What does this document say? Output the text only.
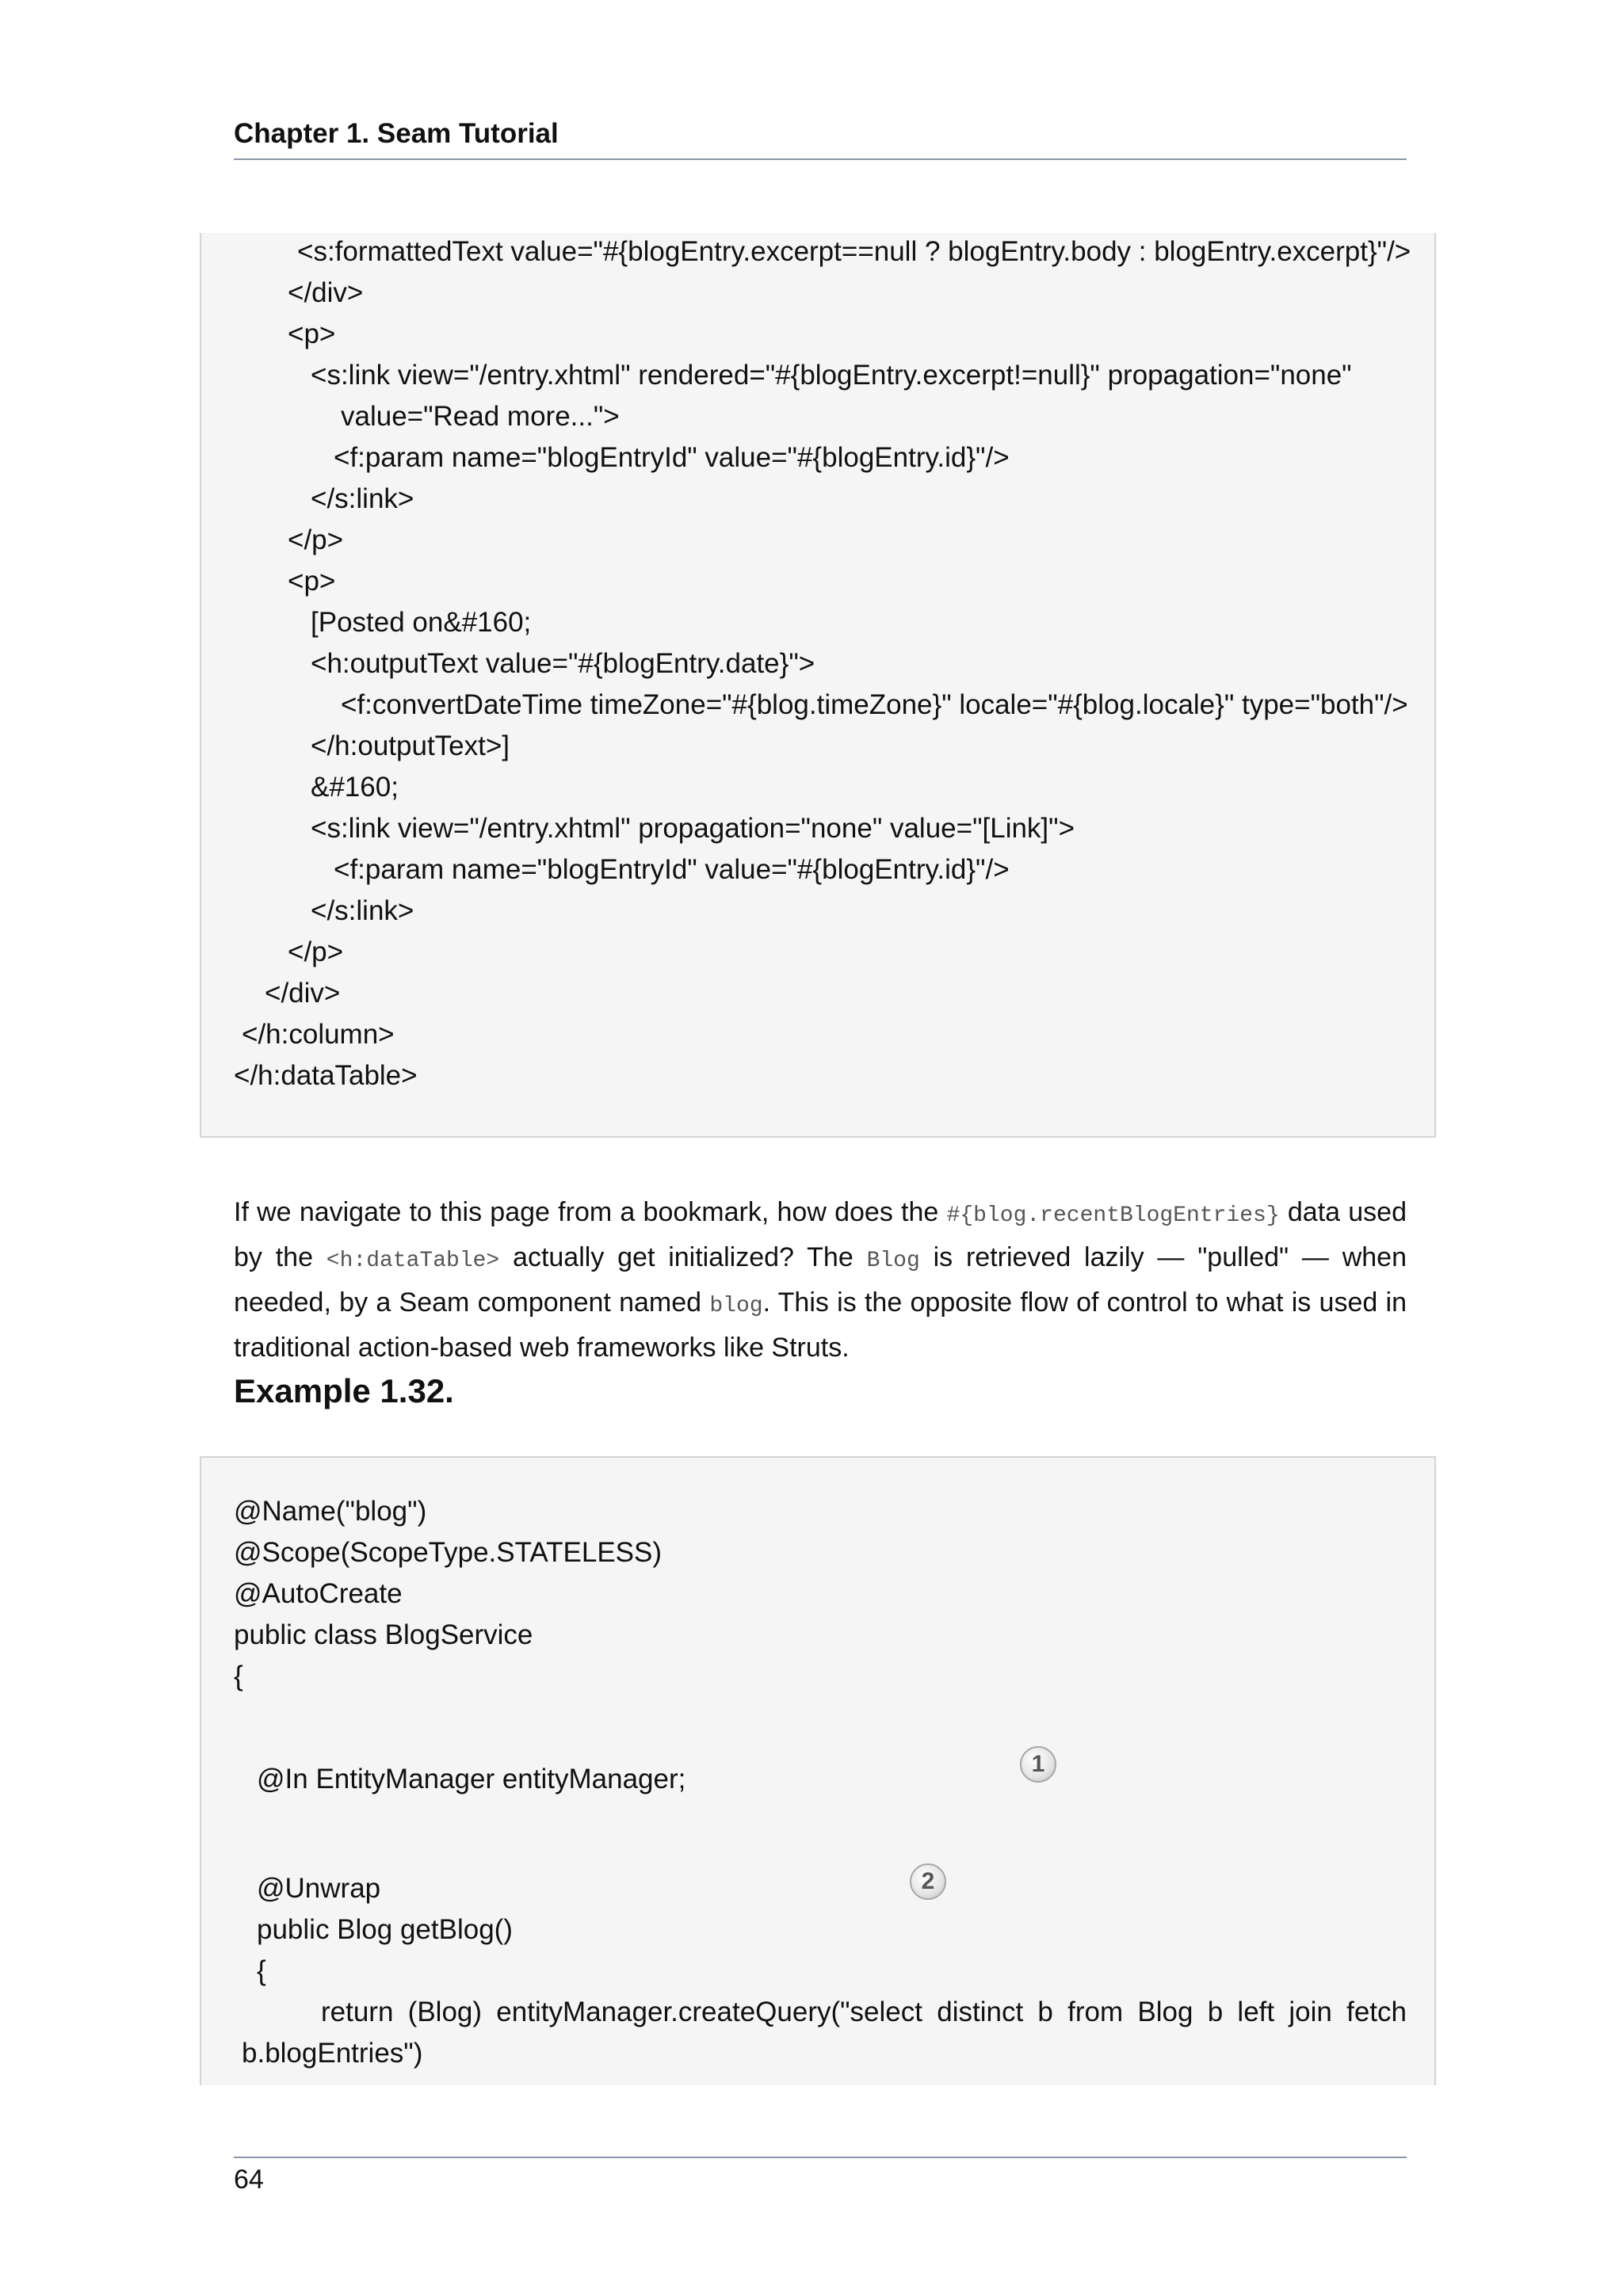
Chapter 1. Seam Tutorial
<s:formattedText value="#{blogEntry.excerpt==null ? blogEntry.body : blogEntry.excerpt}"/>
</div>
<p>
<s:link view="/entry.xhtml" rendered="#{blogEntry.excerpt!=null}" propagation="none"
value="Read more...">
<f:param name="blogEntryId" value="#{blogEntry.id}"/>
</s:link>
</p>
<p>
[Posted on&#160;
<h:outputText value="#{blogEntry.date}">
<f:convertDateTime timeZone="#{blog.timeZone}" locale="#{blog.locale}" type="both"/>
</h:outputText>]
&#160;
<s:link view="/entry.xhtml" propagation="none" value="[Link]">
<f:param name="blogEntryId" value="#{blogEntry.id}"/>
</s:link>
</p>
</div>
</h:column>
</h:dataTable>

If we navigate to this page from a bookmark, how does the #{blog.recentBlogEntries} data used by the <h:dataTable> actually get initialized? The Blog is retrieved lazily — "pulled" — when needed, by a Seam component named blog. This is the opposite flow of control to what is used in traditional action-based web frameworks like Struts.

Example 1.32.
@Name("blog")
@Scope(ScopeType.STATELESS)
@AutoCreate
public class BlogService
{
@In EntityManager entityManager;
@Unwrap
public Blog getBlog()
{
return (Blog) entityManager.createQuery("select distinct b from Blog b left join fetch
b.blogEntries")
1
2
64
